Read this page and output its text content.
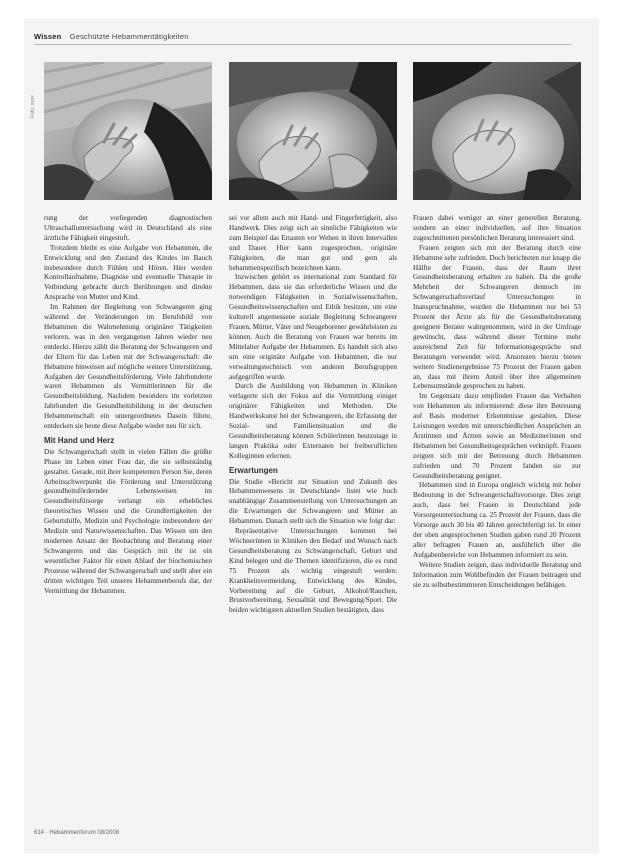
Wissen Geschützte Hebammentätigkeiten
Foto: xxxx

rung der vorliegenden diagnostischen Ultraschalluntersuchung wird in Deutschland als eine ärztliche Fähigkeit eingestuft.

Trotzdem bleibt es eine Aufgabe von Hebammen, die Entwicklung und den Zustand des Kindes im Bauch insbesondere durch Fühlen und Hören. Hier werden Kontrollaufnahme, Diagnose und eventuelle Therapie in Verbindung gebracht durch Berührungen und direkte Ansprache von Mutter und Kind.

Im Rahmen der Begleitung von Schwangeren ging während der Veränderungen im Berufsbild von Hebammen die Wahrnehmung originärer Tätigkeiten verloren, was in den vergangenen Jahren wieder neu entdeckt. Hierzu zählt die Beratung der Schwangeren und der Eltern für das Leben mit der Schwangerschaft: die Hebamme hinweisen auf mögliche weitere Unterstützung, Aufgaben der Gesundheitsförderung. Viele Jahrhunderte waren Hebammen als Vermittlerinnen für die Gesundheitsbildung. Nachdem besonders im vorletzten Jahrhundert die Gesundheitsbildung in der deutschen Hebammenschaft ein untergeordnetes Dasein führte, entdecken sie heute diese Aufgabe wieder neu für sich.

Mit Hand und Herz

Die Schwangerschaft stellt in vielen Fällen die größte Phase im Leben einer Frau dar, die sie selbstständig gestaltet. Gerade, mit ihrer kompetenten Person Sie, deren Arbeitsschwerpunkt die Förderung und Unterstützung gesundheitsfördernder Lebensweisen im Gesundheitsfürsorge verlangt ein erhebliches theoretisches Wissen und die Grundfertigkeiten der Geburtshilfe, Medizin und Psychologie insbesondere der Medizin und Naturwissenschaften. Das Wissen um den modernen Ansatz der Beobachtung und Beratung einer Schwangeren und das Gespräch mit ihr ist ein wesentlicher Faktor für einen Ablauf der biochemischen Prozesse während der Schwangerschaft und stellt aber ein dritten wichtigen Teil unseres Hebammenberufs dar, der Vermittlung der Hebammen.

sei vor allem auch mit Hand- und Fingerfertigkeit, also Handwerk. Dies zeigt sich an sinnliche Fähigkeiten wie zum Beispiel das Ertasten vor Wehen in ihren Intervallen und Dauer. Hier kann zugesprochen, originäre Fähigkeiten, die man gut und gern als hebammenspezifisch bezeichnen kann.

Inzwischen gehört es international zum Standard für Hebammen, dass sie das erforderliche Wissen und die notwendigen Fähigkeiten in Sozialwissenschaften, Gesundheitswissenschaften und Ethik besitzen, um eine kulturell angemessene soziale Begleitung Schwangerer Frauen, Mütter, Väter und Neugeborener gewährleisten zu können. Auch die Beratung von Frauen war bereits im Mittelalter Aufgabe der Hebammen. Es handelt sich also um eine originäre Aufgabe von Hebammen, die nur verwaltungstechnisch von anderen Berufsgruppen aufgegriffen wurde.

Durch die Ausbildung von Hebammen in Kliniken verlagerte sich der Fokus auf die Vermittlung einiger originärer Fähigkeiten und Methoden. Die Handwerkskunst bei der Schwangeren, die Erfassung der Sozial- und Familiensituation und die Gesundheitsberatung können Schülerinnen heutzutage in langen Praktika oder Externaten bei freiberuflichen Kolleginnen erlernen.

Erwartungen

Die Studie »Bericht zur Situation und Zukunft des Hebammenwesens in Deutschland« listet wie hoch unabhängige Zusammenstellung von Untersuchungen an die Erwartungen der Schwangeren und Mütter an Hebammen. Danach stellt sich die Situation wie folgt dar:

Repräsentative Untersuchungen kommen bei Wöchnerinnen in Kliniken den Bedarf und Wunsch nach Gesundheitsberatung zu Schwangerschaft, Geburt und Kind belegen und die Themen identifizieren, die es rund 75 Prozent als wichtig eingestuft werden: Krankheitsvermeidung, Entwicklung des Kindes, Vorbereitung auf die Geburt, Alkohol/Rauchen, Brustvorbereitung, Sexualität und Bewegung/Sport. Die beiden wichtigsten aktuellen Studien bestätigten, dass

Frauen dabei weniger an einer generellen Beratung, sondern an einer individuellen, auf ihre Situation zugeschnittenen persönlichen Beratung interessiert sind.

Frauen zeigten sich mit der Beratung durch eine Hebamme sehr zufrieden. Doch berichteten nur knapp die Hälfte der Frauen, dass der Raum ihrer Gesundheitsberatung erhalten zu haben. Da die große Mehrheit der Schwangeren dennoch im Schwangerschaftsverlauf Untersuchungen in Inanspruchnahme, wurden die Hebammen nur bei 53 Prozent der Ärzte als für die Gesundheitsberatung geeignete Berater wahrgenommen, wird in der Umfrage gewünscht, dass während dieser Termine mehr ausreichend Zeit für Informationsgespräche und Beratungen verwendet wird. Ansonsten hierzu bieten weitere Studienergebnisse 75 Prozent der Frauen gaben an, dass mit ihrem Anteil über ihre allgemeinen Lebensumstände gesprochen zu haben.

Im Gegensatz dazu empfinden Frauen das Verhalten von Hebammen als informierend: diese ihre Betreuung auf Basis moderner Erkenntnisse gestalten. Diese Leistungen werden mit unterschiedlichen Ansprüchen an Ärztinnen und Ärzten sowie an Medizinerinnen und Hebammen bei Gesundheitsgesprächen verknüpft. Frauen zeigten sich mit der Betreuung durch Hebammen zufrieden und 70 Prozent fanden sie zur Gesundheitsberatung geeignet.

Hebammen sind in Europa ungleich wichtig mit hoher Bedeutung in der Schwangerschaftsvorsorge. Dies zeigt auch, dass bei Frauen in Deutschland jede Vorsorgeuntersuchung ca. 25 Prozent der Frauen, dass die Vorsorge auch 30 bis 40 Jahren gerechtfertigt ist. In einer der oben angesprochenen Studien gaben rund 20 Prozent aller befragten Frauen an, ausführlich über die Aufgabenbereiche von Hebammen informiert zu sein.

Weitere Studien zeigen, dass individuelle Beratung und Information zum Wohlbefinden der Frauen beitragen und sie zu selbstbestimmteren Entscheidungen befähigen.

614 · Hebammenforum 08/2008
